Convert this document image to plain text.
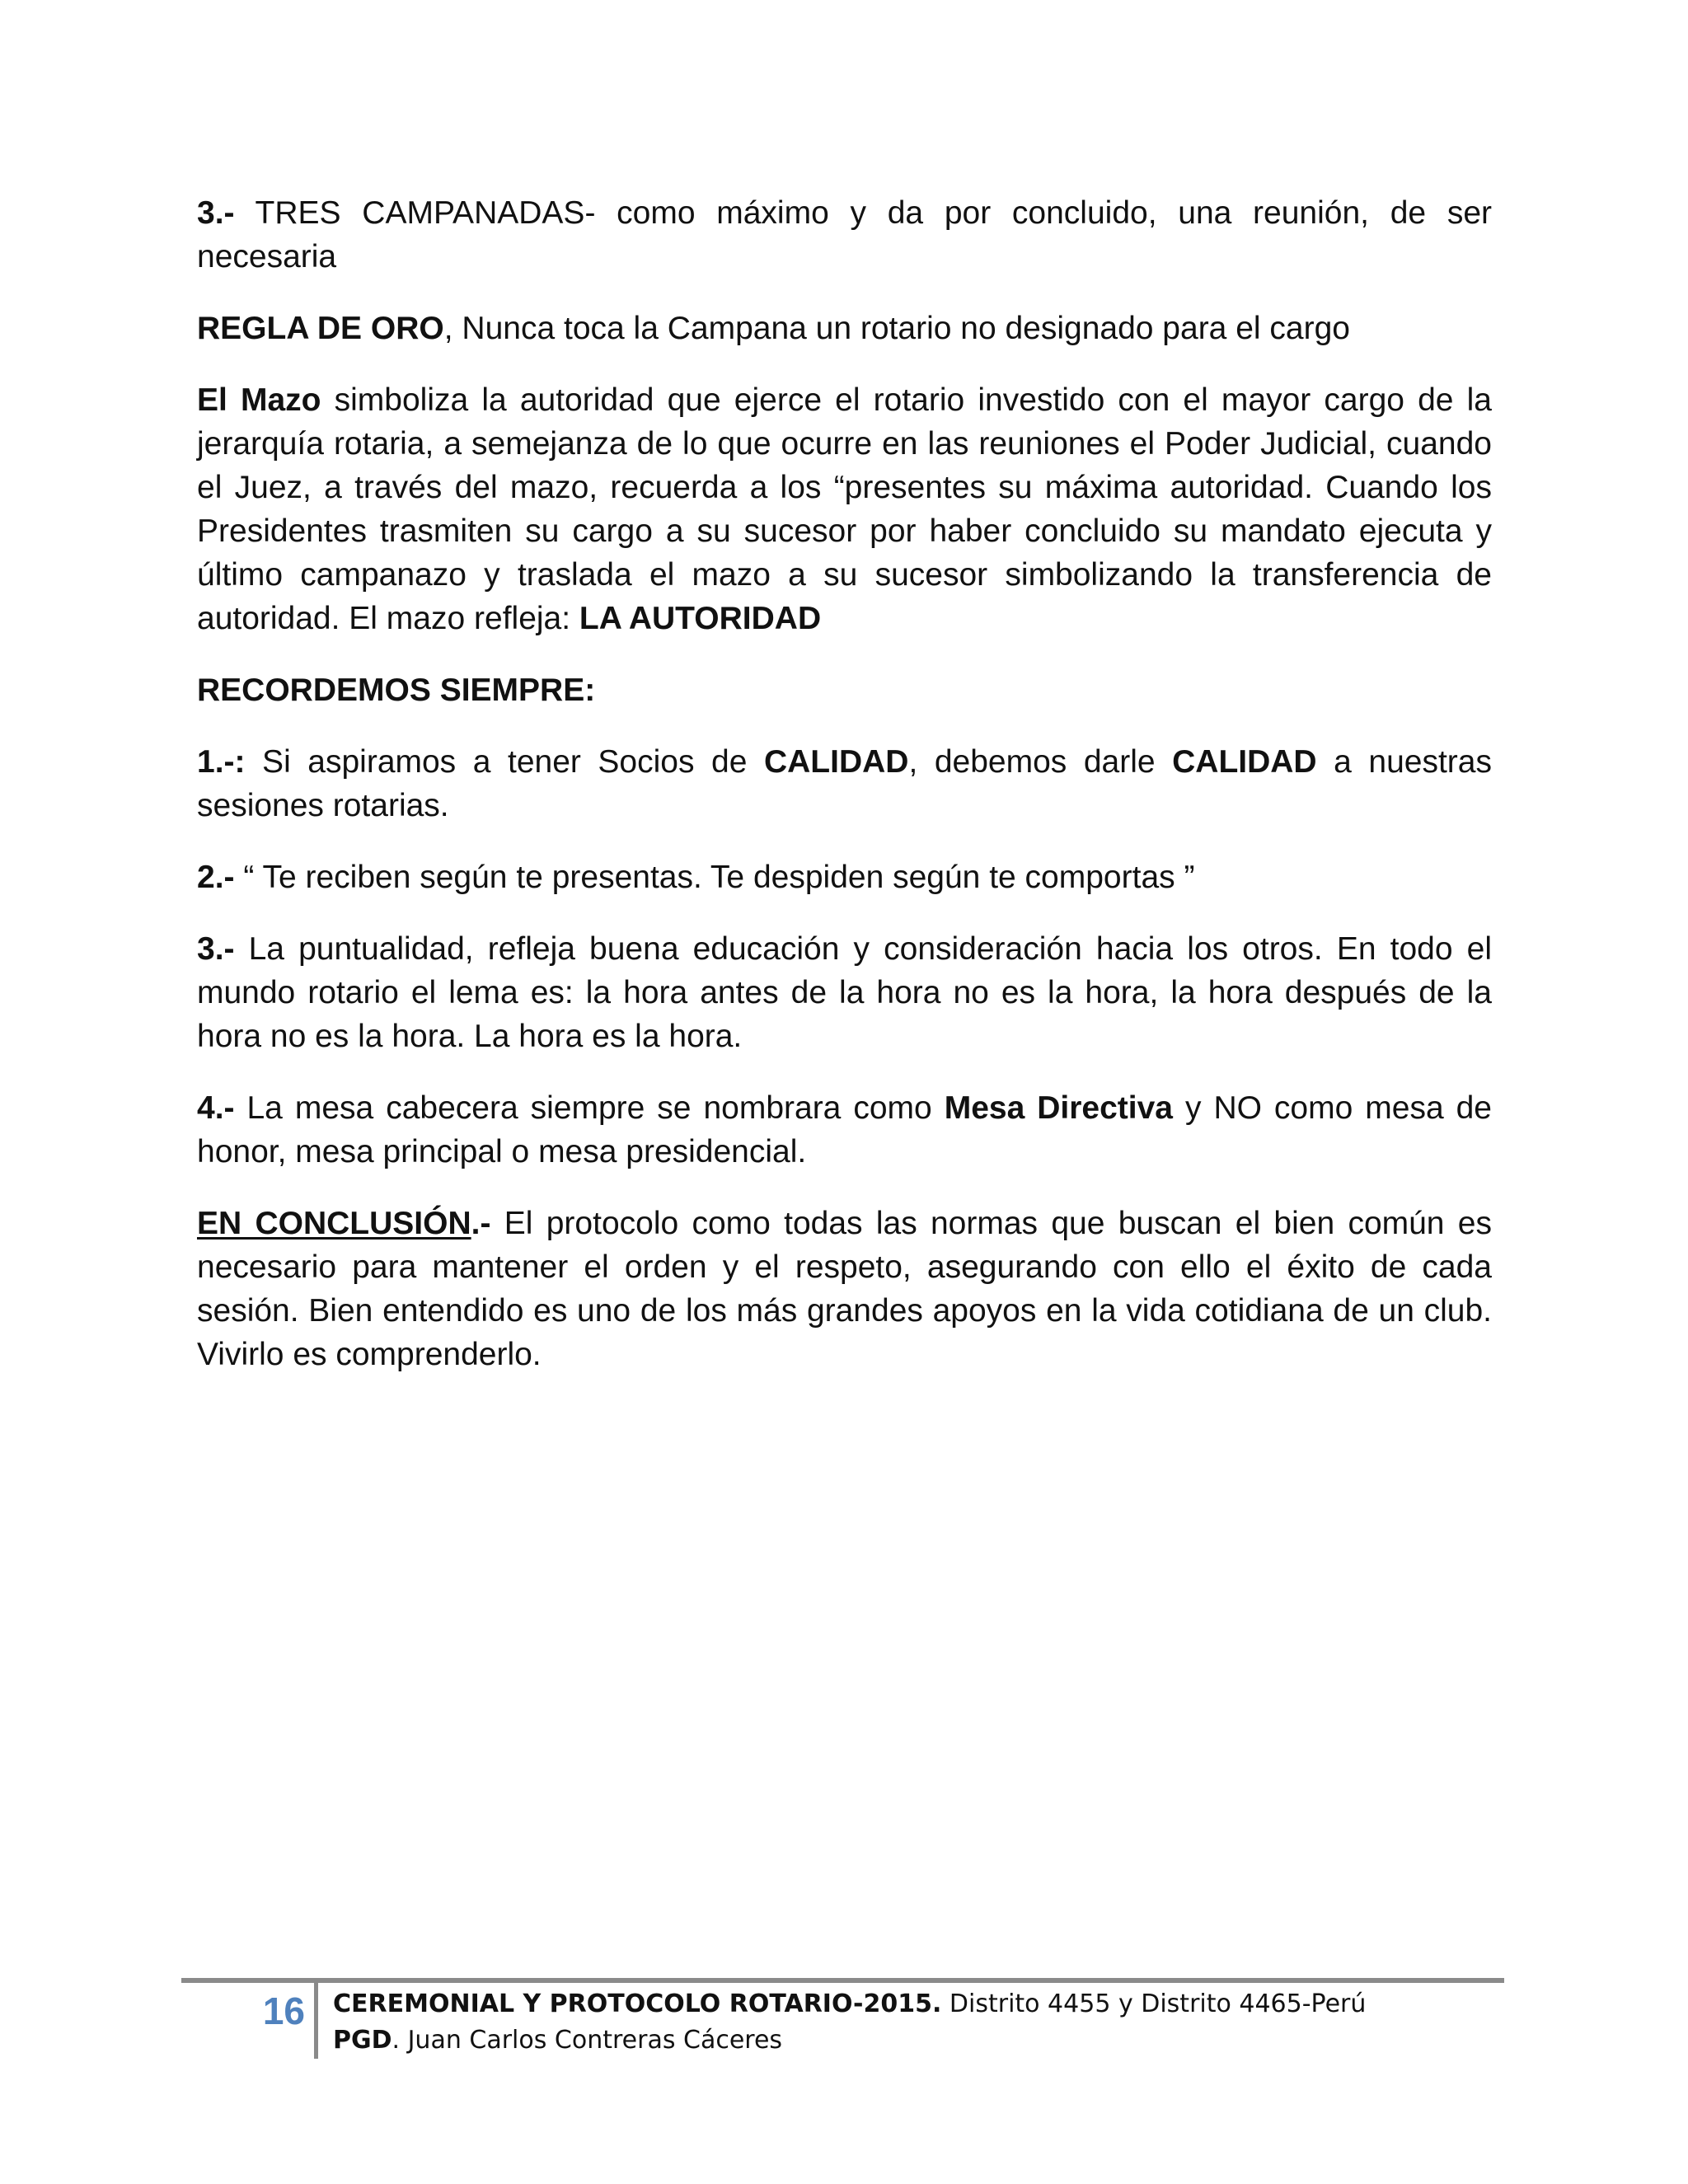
3.- TRES CAMPANADAS- como máximo y da por concluido, una reunión, de ser necesaria

REGLA DE ORO, Nunca toca la Campana un rotario no designado para el cargo

El Mazo simboliza la autoridad que ejerce el rotario investido con el mayor cargo de la jerarquía rotaria, a semejanza de lo que ocurre en las reuniones el Poder Judicial, cuando el Juez, a través del mazo, recuerda a los “presentes su máxima autoridad. Cuando los Presidentes trasmiten su cargo a su sucesor por haber concluido su mandato ejecuta y último campanazo y traslada el mazo a su sucesor simbolizando la transferencia de autoridad. El mazo refleja: LA AUTORIDAD

RECORDEMOS SIEMPRE:

1.-: Si aspiramos a tener Socios de CALIDAD, debemos darle CALIDAD a nuestras sesiones rotarias.

2.- “ Te reciben según te presentas. Te despiden según te comportas ”

3.- La puntualidad, refleja buena educación y consideración hacia los otros. En todo el mundo rotario el lema es: la hora antes de la hora no es la hora, la hora después de la hora no es la hora. La hora es la hora.

4.- La mesa cabecera siempre se nombrara como Mesa Directiva y NO como mesa de honor, mesa principal o mesa presidencial.

EN CONCLUSIÓN.- El protocolo como todas las normas que buscan el bien común es necesario para mantener el orden y el respeto, asegurando con ello el éxito de cada sesión. Bien entendido es uno de los más grandes apoyos en la vida cotidiana de un club. Vivirlo es comprenderlo.

16 CEREMONIAL Y PROTOCOLO ROTARIO-2015. Distrito 4455 y Distrito 4465-Perú
PGD. Juan Carlos Contreras Cáceres
